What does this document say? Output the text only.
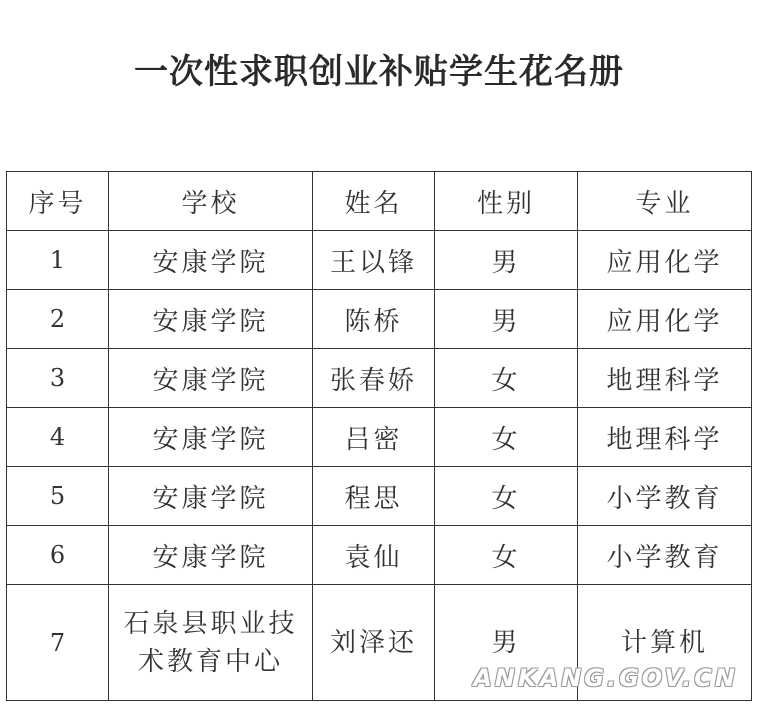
一次性求职创业补贴学生花名册
序号	学校	姓名	性别	专业
1	安康学院	王以锋	男	应用化学
2	安康学院	陈桥	男	应用化学
3	安康学院	张春娇	女	地理科学
4	安康学院	吕密	女	地理科学
5	安康学院	程思	女	小学教育
6	安康学院	袁仙	女	小学教育
7	石泉县职业技术教育中心	刘泽还	男	计算机
ANKANG.GOV.CN
